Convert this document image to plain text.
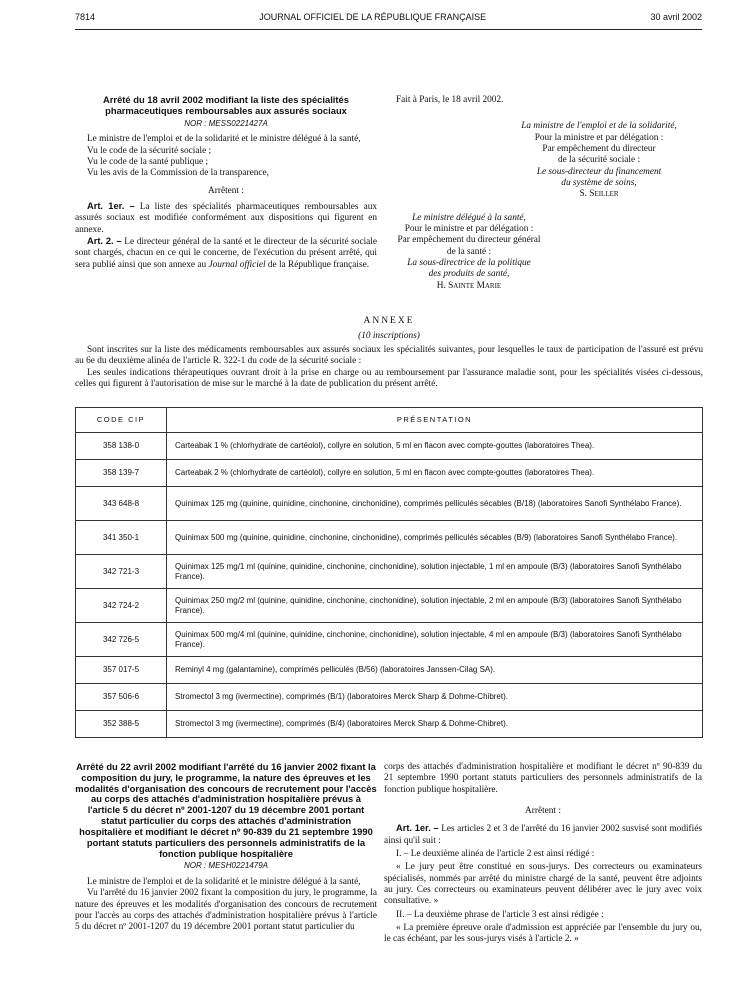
7814	JOURNAL OFFICIEL DE LA RÉPUBLIQUE FRANÇAISE	30 avril 2002

Arrêté du 18 avril 2002 modifiant la liste des spécialités pharmaceutiques remboursables aux assurés sociaux

NOR : MESS0221427A

Le ministre de l'emploi et de la solidarité et le ministre délégué à la santé,

Vu le code de la sécurité sociale ;

Vu le code de la santé publique ;

Vu les avis de la Commission de la transparence,

Arrêtent :

Art. 1er. – La liste des spécialités pharmaceutiques remboursables aux assurés sociaux est modifiée conformément aux dispositions qui figurent en annexe.

Art. 2. – Le directeur général de la santé et le directeur de la sécurité sociale sont chargés, chacun en ce qui le concerne, de l'exécution du présent arrêté, qui sera publié ainsi que son annexe au Journal officiel de la République française.

Fait à Paris, le 18 avril 2002.

La ministre de l'emploi et de la solidarité,

Pour la ministre et par délégation :

Par empêchement du directeur

de la sécurité sociale :

Le sous-directeur du financement

du système de soins,

S. Seiller

Le ministre délégué à la santé,

Pour le ministre et par délégation :

Par empêchement du directeur général

de la santé :

La sous-directrice de la politique

des produits de santé,

H. Sainte Marie

ANNEXE

(10 inscriptions)

Sont inscrites sur la liste des médicaments remboursables aux assurés sociaux les spécialités suivantes, pour lesquelles le taux de participation de l'assuré est prévu au 6e du deuxième alinéa de l'article R. 322-1 du code de la sécurité sociale :

Les seules indications thérapeutiques ouvrant droit à la prise en charge ou au remboursement par l'assurance maladie sont, pour les spécialités visées ci-dessous, celles qui figurent à l'autorisation de mise sur le marché à la date de publication du présent arrêté.

CODE CIP	PRÉSENTATION
358 138-0	Carteabak 1 % (chlorhydrate de cartéolol), collyre en solution, 5 ml en flacon avec compte-gouttes (laboratoires Thea).
358 139-7	Carteabak 2 % (chlorhydrate de cartéolol), collyre en solution, 5 ml en flacon avec compte-gouttes (laboratoires Thea).
343 648-8	Quinimax 125 mg (quinine, quinidine, cinchonine, cinchonidine), comprimés pelliculés sécables (B/18) (laboratoires Sanofi Synthélabo France).
341 350-1	Quinimax 500 mg (quinine, quinidine, cinchonine, cinchonidine), comprimés pelliculés sécables (B/9) (laboratoires Sanofi Synthélabo France).
342 721-3	Quinimax 125 mg/1 ml (quinine, quinidine, cinchonine, cinchonidine), solution injectable, 1 ml en ampoule (B/3) (laboratoires Sanofi Synthélabo France).
342 724-2	Quinimax 250 mg/2 ml (quinine, quinidine, cinchonine, cinchonidine), solution injectable, 2 ml en ampoule (B/3) (laboratoires Sanofi Synthélabo France).
342 726-5	Quinimax 500 mg/4 ml (quinine, quinidine, cinchonine, cinchonidine), solution injectable, 4 ml en ampoule (B/3) (laboratoires Sanofi Synthélabo France).
357 017-5	Reminyl 4 mg (galantamine), comprimés pelliculés (B/56) (laboratoires Janssen-Cilag SA).
357 506-6	Stromectol 3 mg (ivermectine), comprimés (B/1) (laboratoires Merck Sharp & Dohme-Chibret).
352 388-5	Stromectol 3 mg (ivermectine), comprimés (B/4) (laboratoires Merck Sharp & Dohme-Chibret).

Arrêté du 22 avril 2002 modifiant l'arrêté du 16 janvier 2002 fixant la composition du jury, le programme, la nature des épreuves et les modalités d'organisation des concours de recrutement pour l'accès au corps des attachés d'administration hospitalière prévus à l'article 5 du décret nº 2001-1207 du 19 décembre 2001 portant statut particulier du corps des attachés d'administration hospitalière et modifiant le décret nº 90-839 du 21 septembre 1990 portant statuts particuliers des personnels administratifs de la fonction publique hospitalière

NOR : MESH0221479A

Le ministre de l'emploi et de la solidarité et le ministre délégué à la santé,

Vu l'arrêté du 16 janvier 2002 fixant la composition du jury, le programme, la nature des épreuves et les modalités d'organisation des concours de recrutement pour l'accès au corps des attachés d'administration hospitalière prévus à l'article 5 du décret nº 2001-1207 du 19 décembre 2001 portant statut particulier du

corps des attachés d'administration hospitalière et modifiant le décret nº 90-839 du 21 septembre 1990 portant statuts particuliers des personnels administratifs de la fonction publique hospitalière.

Arrêtent :

Art. 1er. – Les articles 2 et 3 de l'arrêté du 16 janvier 2002 susvisé sont modifiés ainsi qu'il suit :

I. – Le deuxième alinéa de l'article 2 est ainsi rédigé :

« Le jury peut être constitué en sous-jurys. Des correcteurs ou examinateurs spécialisés, nommés par arrêté du ministre chargé de la santé, peuvent être adjoints au jury. Ces correcteurs ou examinateurs peuvent délibérer avec le jury avec voix consultative. »

II. – La deuxième phrase de l'article 3 est ainsi rédigée :

« La première épreuve orale d'admission est appréciée par l'ensemble du jury ou, le cas échéant, par les sous-jurys visés à l'article 2. »
